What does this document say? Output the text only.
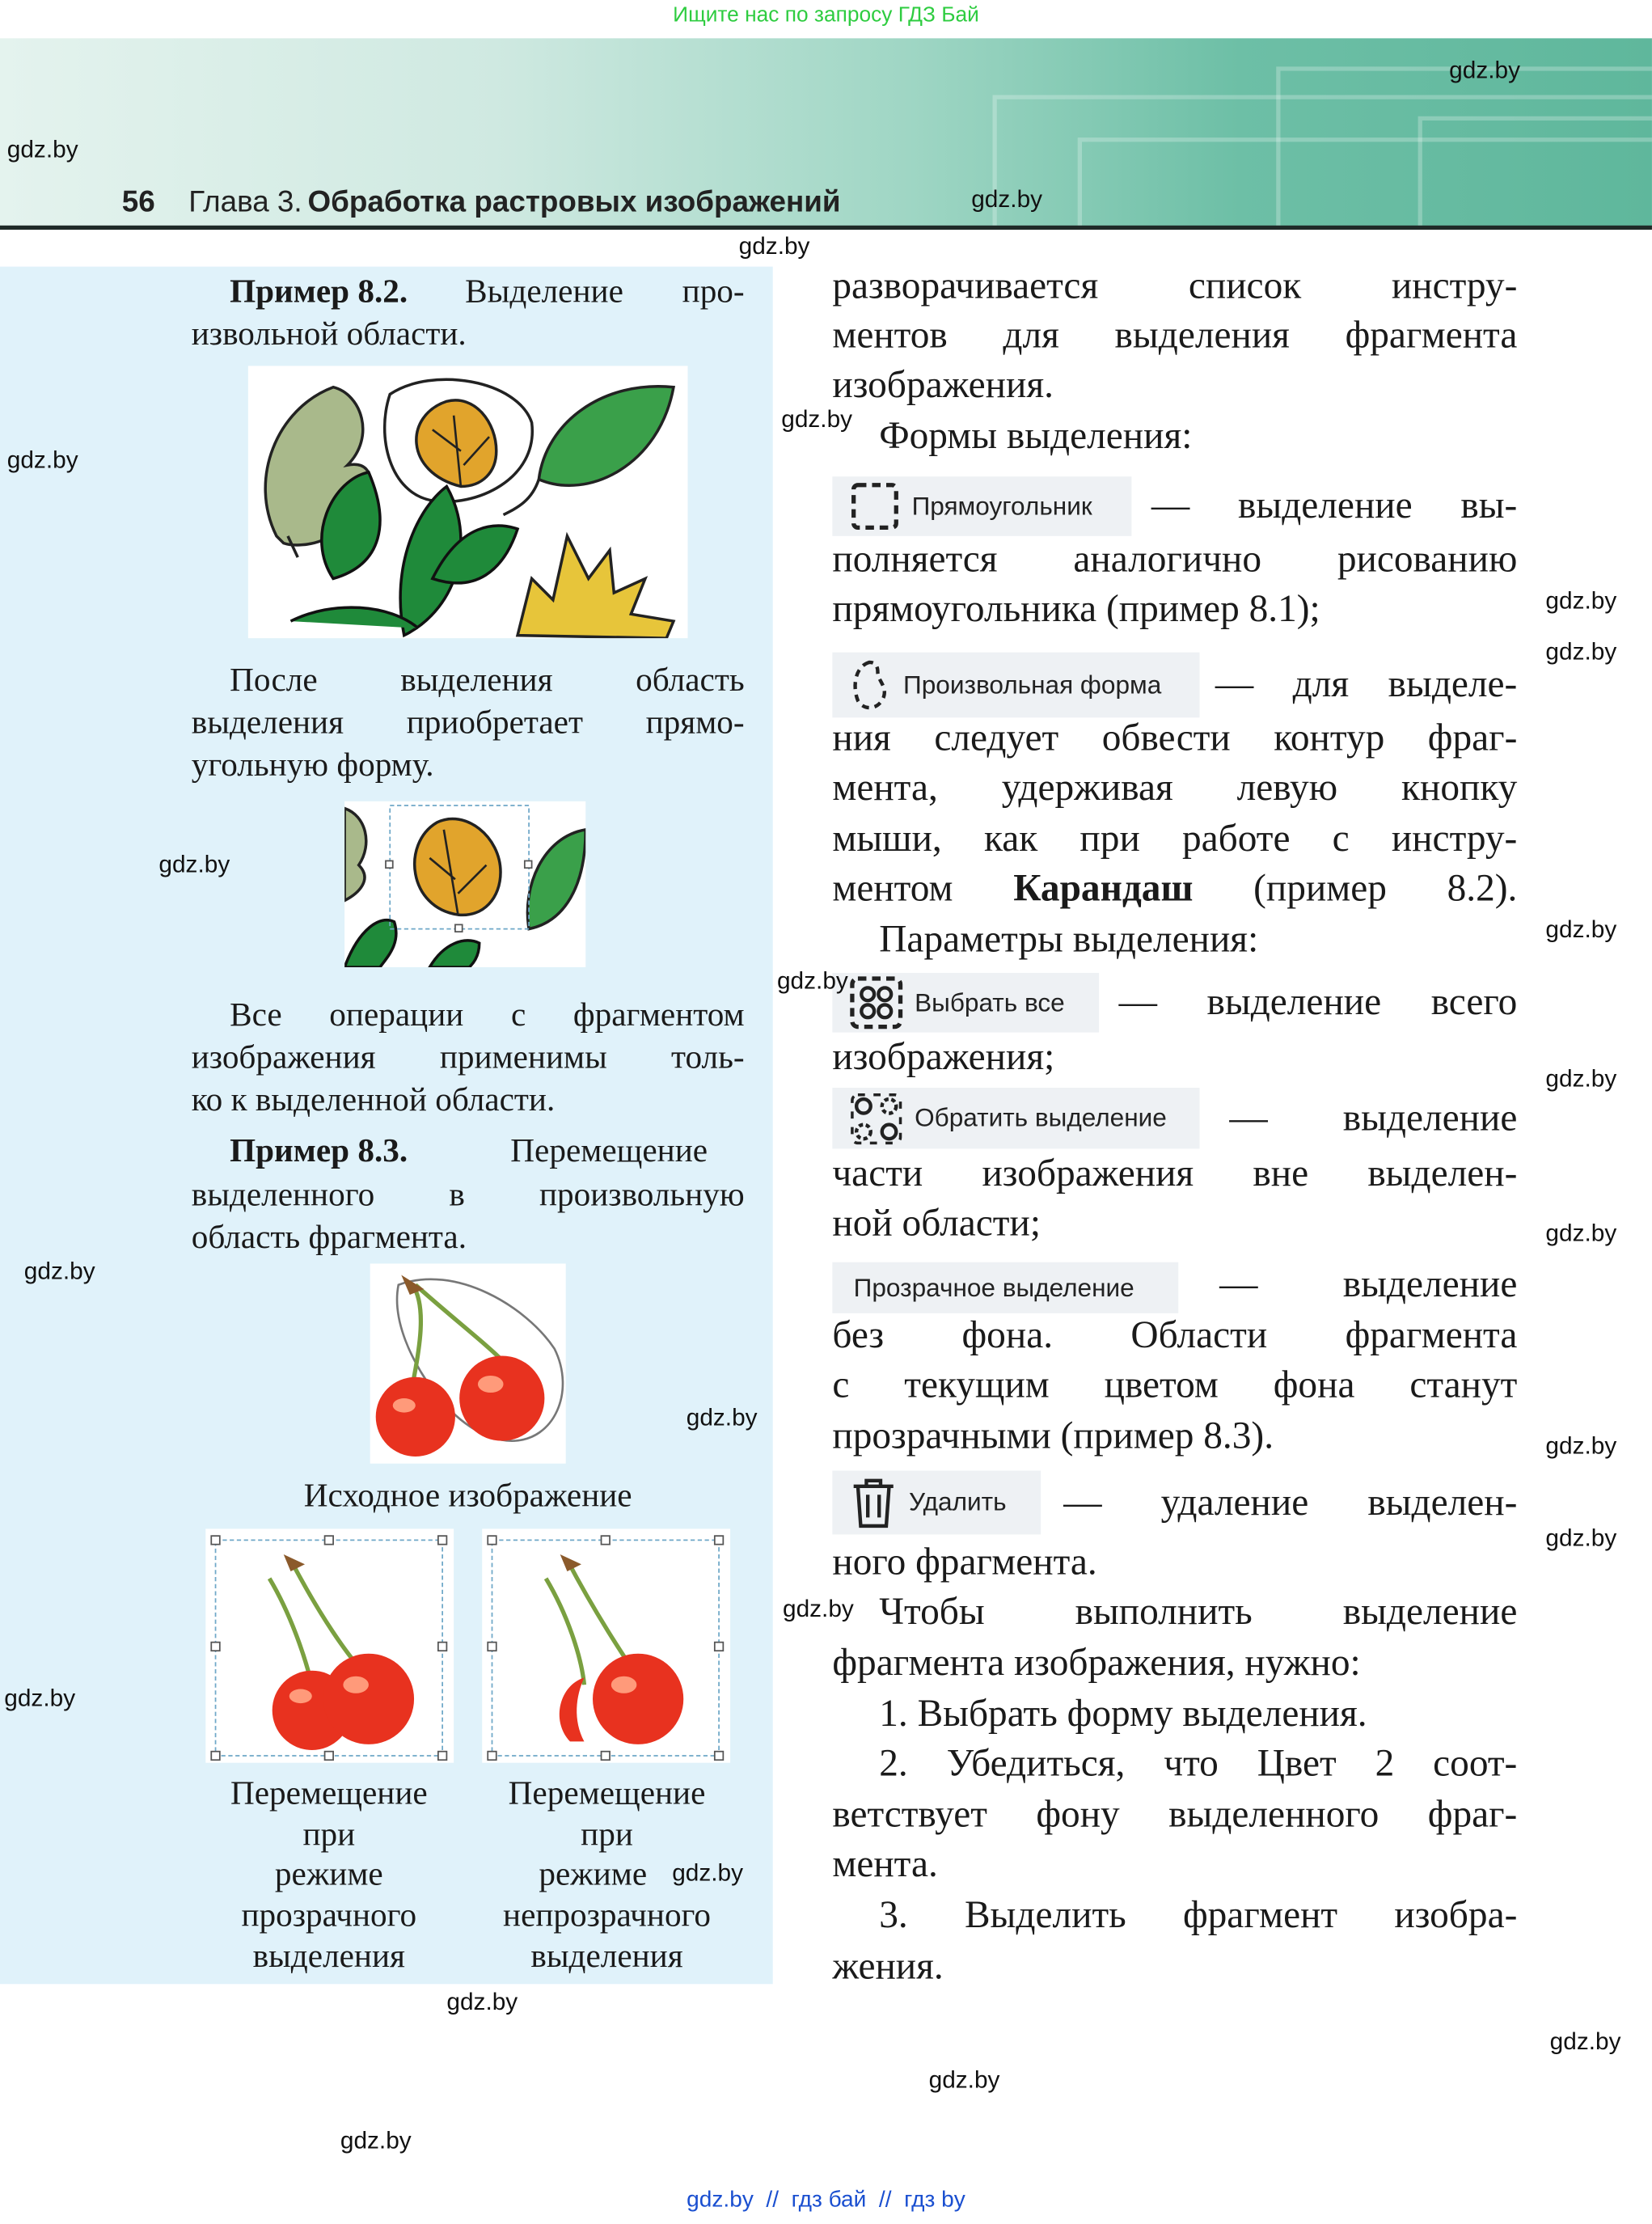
Ищите нас по запросу ГДЗ Бай
56 Глава 3. Обработка растровых изображений
Пример 8.2.	Выделение про-
извольной области.
После выделения область
выделения приобретает прямо-
угольную форму.
Все операции с фрагментом
изображения применимы толь-
ко к выделенной области.
Пример 8.3.	Перемещение
выделенного в произвольную
область фрагмента.
Исходное изображение
Перемещение
при
режиме
прозрачного
выделения
Перемещение
при
режиме
непрозрачного
выделения
разворачивается список инстру-
ментов для выделения фрагмента
изображения.
Формы выделения:
Прямоугольник	— выделение вы-
полняется аналогично рисованию
прямоугольника (пример 8.1);
Произвольная форма — для выделе-
ния следует обвести контур фраг-
мента, удерживая левую кнопку
мыши, как при работе с инстру-
ментом	Карандаш	(пример 8.2).
Параметры выделения:
Выбрать все — выделение всего
изображения;
Обратить выделение	— выделение
части изображения вне выделен-
ной области;
Прозрачное выделение	— выделение
без фона. Области фрагмента
с текущим цветом фона станут
прозрачными (пример 8.3).
Удалить	— удаление выделен-
ного фрагмента.
Чтобы выполнить выделение
фрагмента изображения, нужно:
1. Выбрать форму выделения.
2. Убедиться, что Цвет 2 соот-
ветствует фону выделенного фраг-
мента.
3. Выделить фрагмент изобра-
жения.
gdz.by
gdz.by
gdz.by
gdz.by
gdz.by
gdz.by
gdz.by
gdz.by
gdz.by
gdz.by
gdz.by
gdz.by
gdz.by
gdz.by
gdz.by
gdz.by
gdz.by
gdz.by
gdz.by
gdz.by
gdz.by
gdz.by
gdz.by
gdz.by
gdz.by  //  гдз бай  //  гдз by
